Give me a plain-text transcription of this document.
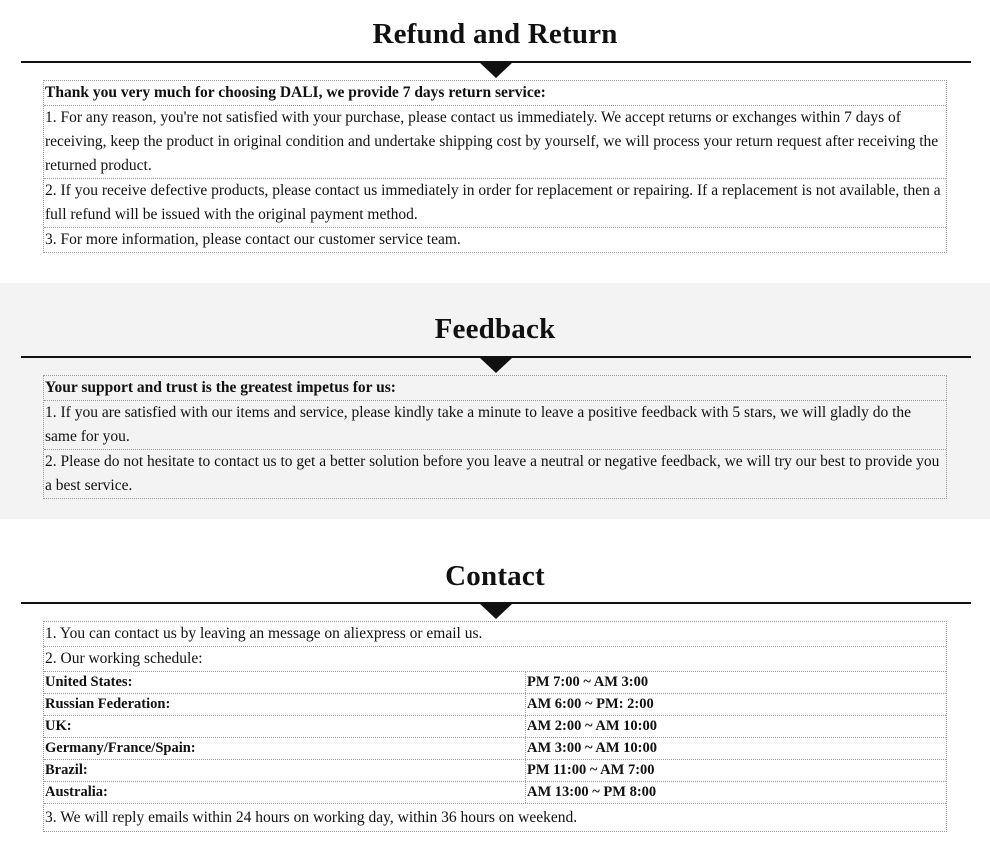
Refund and Return
Thank you very much for choosing DALI, we provide 7 days return service:
1. For any reason, you're not satisfied with your purchase, please contact us immediately. We accept returns or exchanges within 7 days of receiving, keep the product in original condition and undertake shipping cost by yourself, we will process your return request after receiving the returned product.
2. If you receive defective products, please contact us immediately in order for replacement or repairing. If a replacement is not available, then a full refund will be issued with the original payment method.
3. For more information, please contact our customer service team.
Feedback
Your support and trust is the greatest impetus for us:
1. If you are satisfied with our items and service, please kindly take a minute to leave a positive feedback with 5 stars, we will gladly do the same for you.
2. Please do not hesitate to contact us to get a better solution before you leave a neutral or negative feedback, we will try our best to provide you a best service.
Contact
1. You can contact us by leaving an message on aliexpress or email us.
2. Our working schedule:
United States:	PM 7:00 ~ AM 3:00
Russian Federation:	AM 6:00 ~ PM: 2:00
UK:	AM 2:00 ~ AM 10:00
Germany/France/Spain:	AM 3:00 ~ AM 10:00
Brazil:	PM 11:00 ~ AM 7:00
Australia:	AM 13:00 ~ PM 8:00
3. We will reply emails within 24 hours on working day, within 36 hours on weekend.
